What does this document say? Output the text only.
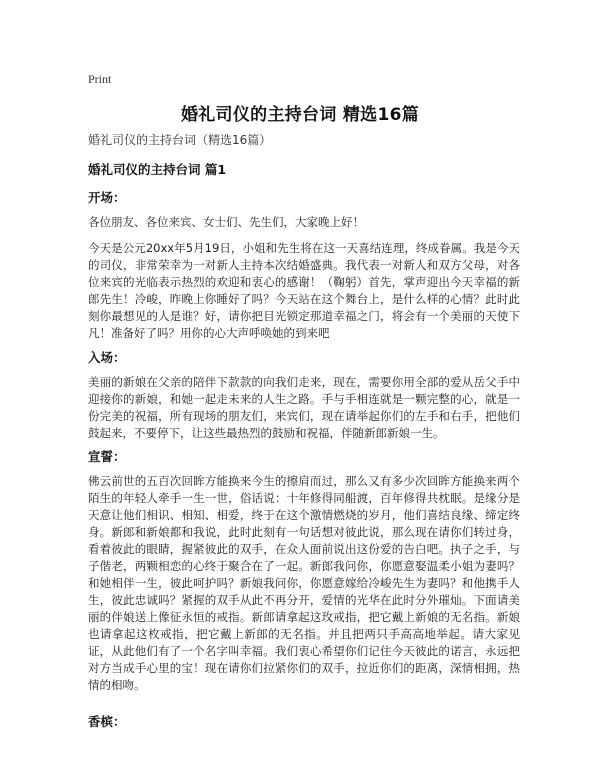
Print
婚礼司仪的主持台词 精选16篇
婚礼司仪的主持台词（精选16篇）
婚礼司仪的主持台词 篇1
开场：
各位朋友、各位来宾、女士们、先生们，大家晚上好！
今天是公元20xx年5月19日，小姐和先生将在这一天喜结连理，终成眷属。我是今天的司仪，非常荣幸为一对新人主持本次结婚盛典。我代表一对新人和双方父母，对各位来宾的光临表示热烈的欢迎和衷心的感谢！（鞠躬）首先，掌声迎出今天幸福的新郎先生！冷峻，昨晚上你睡好了吗？今天站在这个舞台上，是什么样的心情？此时此刻你最想见的人是谁？好，请你把目光锁定那道幸福之门，将会有一个美丽的天使下凡！准备好了吗？用你的心大声呼唤她的到来吧
入场：
美丽的新娘在父亲的陪伴下款款的向我们走来，现在，需要你用全部的爱从岳父手中迎接你的新娘，和她一起走未来的人生之路。手与手相连就是一颗完整的心，就是一份完美的祝福，所有现场的朋友们，来宾们，现在请举起你们的左手和右手，把他们鼓起来，不要停下，让这些最热烈的鼓励和祝福，伴随新郎新娘一生。
宣誓：
佛云前世的五百次回眸方能换来今生的擦肩而过，那么又有多少次回眸方能换来两个陌生的年轻人牵手一生一世，俗话说：十年修得同船渡，百年修得共枕眠。是缘分是天意让他们相识、相知、相爱，终于在这个激情燃烧的岁月，他们喜结良缘、缔定终身。新郎和新娘都和我说，此时此刻有一句话想对彼此说，那么现在请你们转过身，看着彼此的眼睛，握紧彼此的双手，在众人面前说出这份爱的告白吧。执子之手，与子偕老，两颗相恋的心终于聚合在了一起。新郎我问你，你愿意娶温柔小姐为妻吗？和她相伴一生，彼此呵护吗？新娘我问你，你愿意嫁给冷峻先生为妻吗？和他携手人生，彼此忠诚吗？紧握的双手从此不再分开，爱情的光华在此时分外璀灿。下面请美丽的伴娘送上像征永恒的戒指。新郎请拿起这玫戒指，把它戴上新娘的无名指。新娘也请拿起这枚戒指，把它戴上新郎的无名指。并且把两只手高高地举起。请大家见证，从此他们有了一个名字叫幸福。我们衷心希望你们记住今天彼此的诺言，永远把对方当成手心里的宝！现在请你们拉紧你们的双手，拉近你们的距离，深情相拥，热情的相吻。
香槟：
